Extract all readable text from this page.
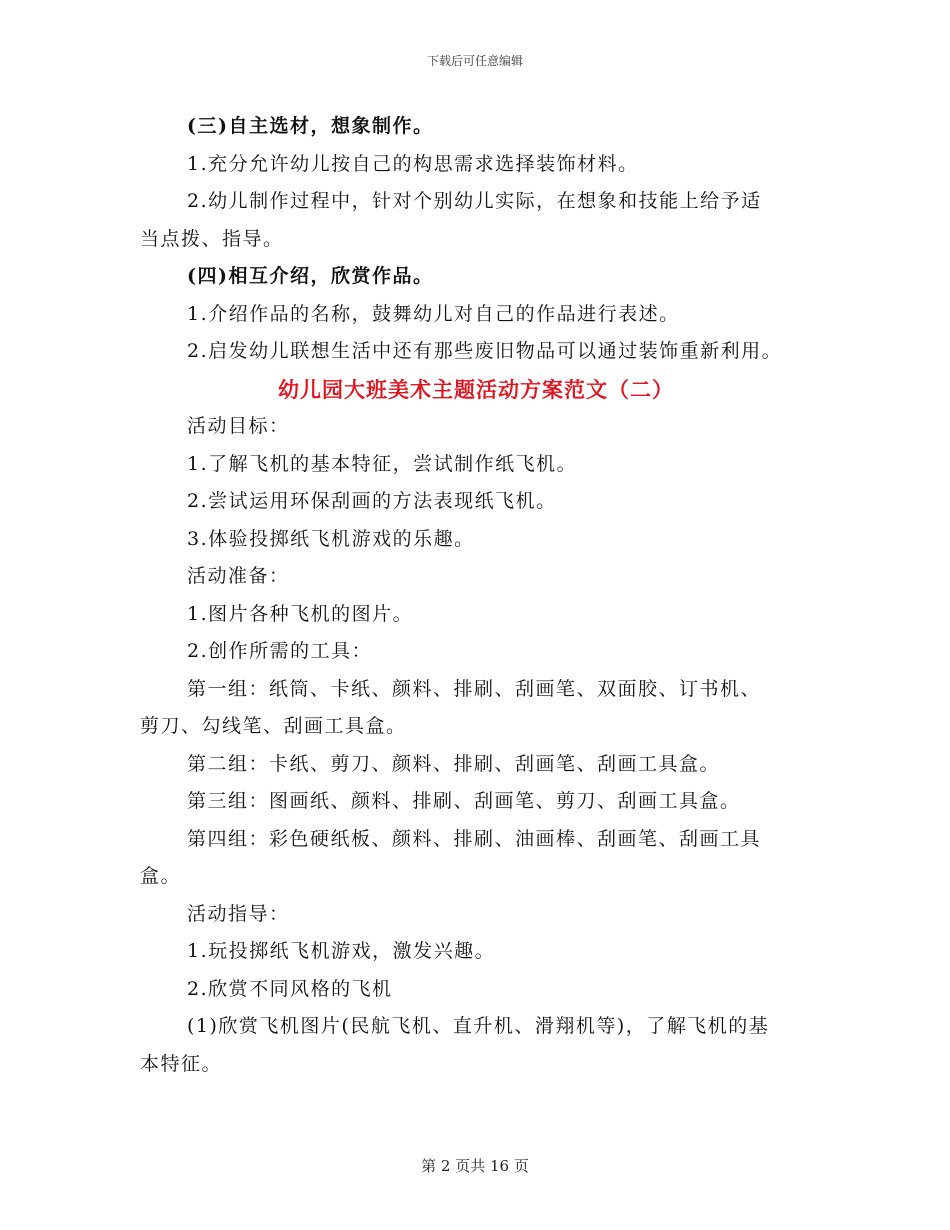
下载后可任意编辑

(三)自主选材，想象制作。

1.充分允许幼儿按自己的构思需求选择装饰材料。

2.幼儿制作过程中，针对个别幼儿实际，在想象和技能上给予适

当点拨、指导。

(四)相互介绍，欣赏作品。

1.介绍作品的名称，鼓舞幼儿对自己的作品进行表述。

2.启发幼儿联想生活中还有那些废旧物品可以通过装饰重新利用。

幼儿园大班美术主题活动方案范文（二）

活动目标：

1.了解飞机的基本特征，尝试制作纸飞机。

2.尝试运用环保刮画的方法表现纸飞机。

3.体验投掷纸飞机游戏的乐趣。

活动准备：

1.图片各种飞机的图片。

2.创作所需的工具：

第一组：纸筒、卡纸、颜料、排刷、刮画笔、双面胶、订书机、

剪刀、勾线笔、刮画工具盒。

第二组：卡纸、剪刀、颜料、排刷、刮画笔、刮画工具盒。

第三组：图画纸、颜料、排刷、刮画笔、剪刀、刮画工具盒。

第四组：彩色硬纸板、颜料、排刷、油画棒、刮画笔、刮画工具

盒。

活动指导：

1.玩投掷纸飞机游戏，激发兴趣。

2.欣赏不同风格的飞机

(1)欣赏飞机图片(民航飞机、直升机、滑翔机等)，了解飞机的基

本特征。

第 2 页共 16 页
